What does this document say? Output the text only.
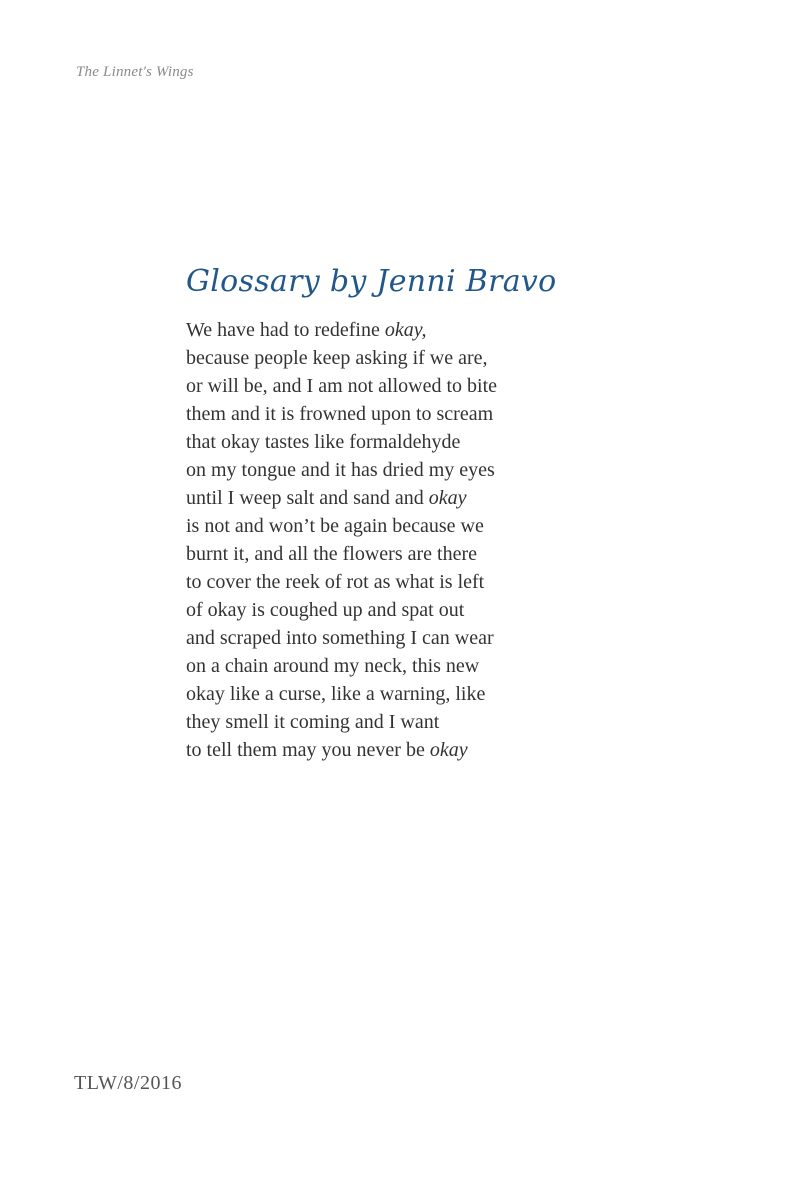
The Linnet's Wings
Glossary by Jenni Bravo
We have had to redefine okay,
because people keep asking if we are,
or will be, and I am not allowed to bite
them and it is frowned upon to scream
that okay tastes like formaldehyde
on my tongue and it has dried my eyes
until I weep salt and sand and okay
is not and won’t be again because we
burnt it, and all the flowers are there
to cover the reek of rot as what is left
of okay is coughed up and spat out
and scraped into something I can wear
on a chain around my neck, this new
okay like a curse, like a warning, like
they smell it coming and I want
to tell them may you never be okay
TLW/8/2016
